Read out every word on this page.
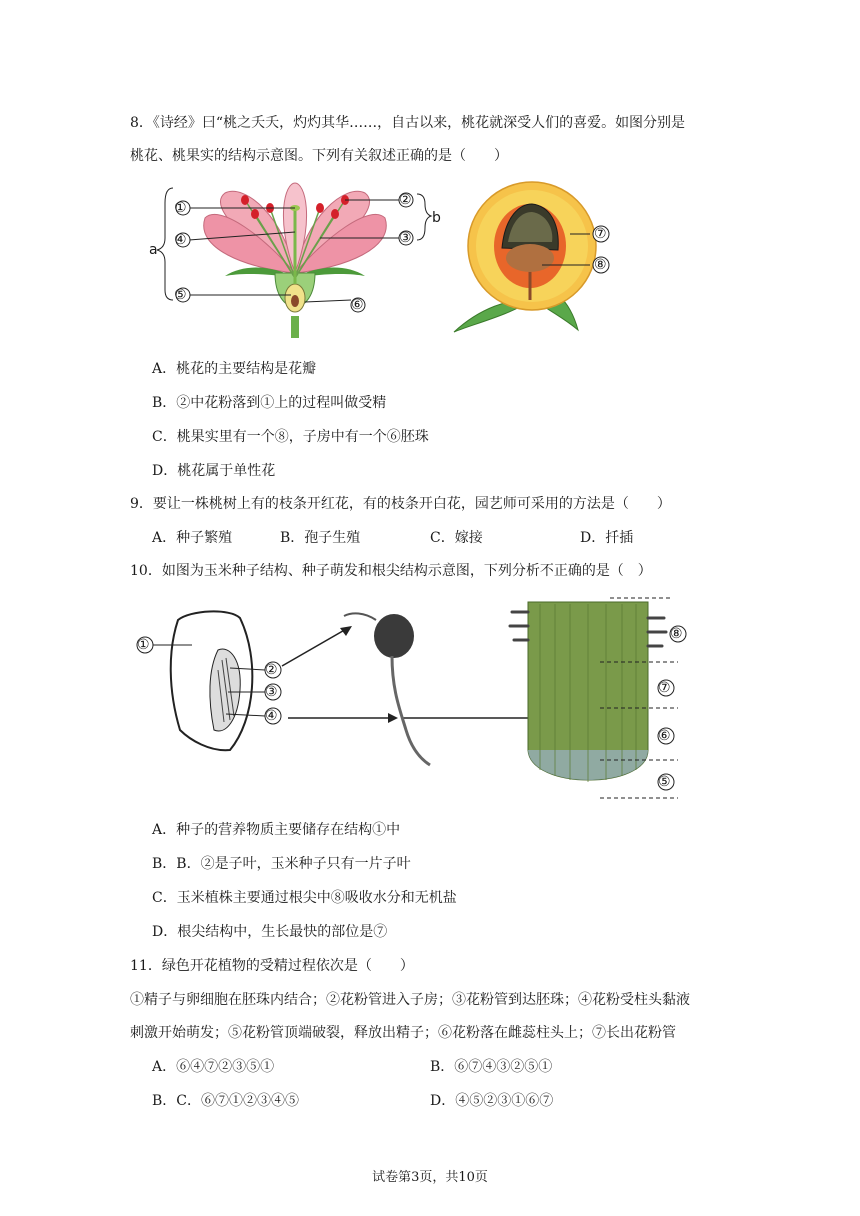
8．《诗经》曰“桃之夭夭，灼灼其华……，自古以来，桃花就深受人们的喜爱。如图分别是
桃花、桃果实的结构示意图。下列有关叙述正确的是（　　）
①
④
⑤
⑥
②
③
a
b
⑦
⑧
A．桃花的主要结构是花瓣
B．②中花粉落到①上的过程叫做受精
C．桃果实里有一个⑧，子房中有一个⑥胚珠
D．桃花属于单性花
9．要让一株桃树上有的枝条开红花，有的枝条开白花，园艺师可采用的方法是（　　）
A．种子繁殖	B．孢子生殖	C．嫁接	D．扦插
10．如图为玉米种子结构、种子萌发和根尖结构示意图，下列分析不正确的是（　）
①
②
③
④
⑧
⑦
⑥
⑤
A．种子的营养物质主要储存在结构①中
B．B．②是子叶，玉米种子只有一片子叶
C．玉米植株主要通过根尖中⑧吸收水分和无机盐
D．根尖结构中，生长最快的部位是⑦
11．绿色开花植物的受精过程依次是（　　）
①精子与卵细胞在胚珠内结合；②花粉管进入子房；③花粉管到达胚珠；④花粉受柱头黏液
刺激开始萌发；⑤花粉管顶端破裂，释放出精子；⑥花粉落在雌蕊柱头上；⑦长出花粉管
A．⑥④⑦②③⑤①	B．⑥⑦④③②⑤①
B．C．⑥⑦①②③④⑤	D．④⑤②③①⑥⑦
试卷第3页，共10页
